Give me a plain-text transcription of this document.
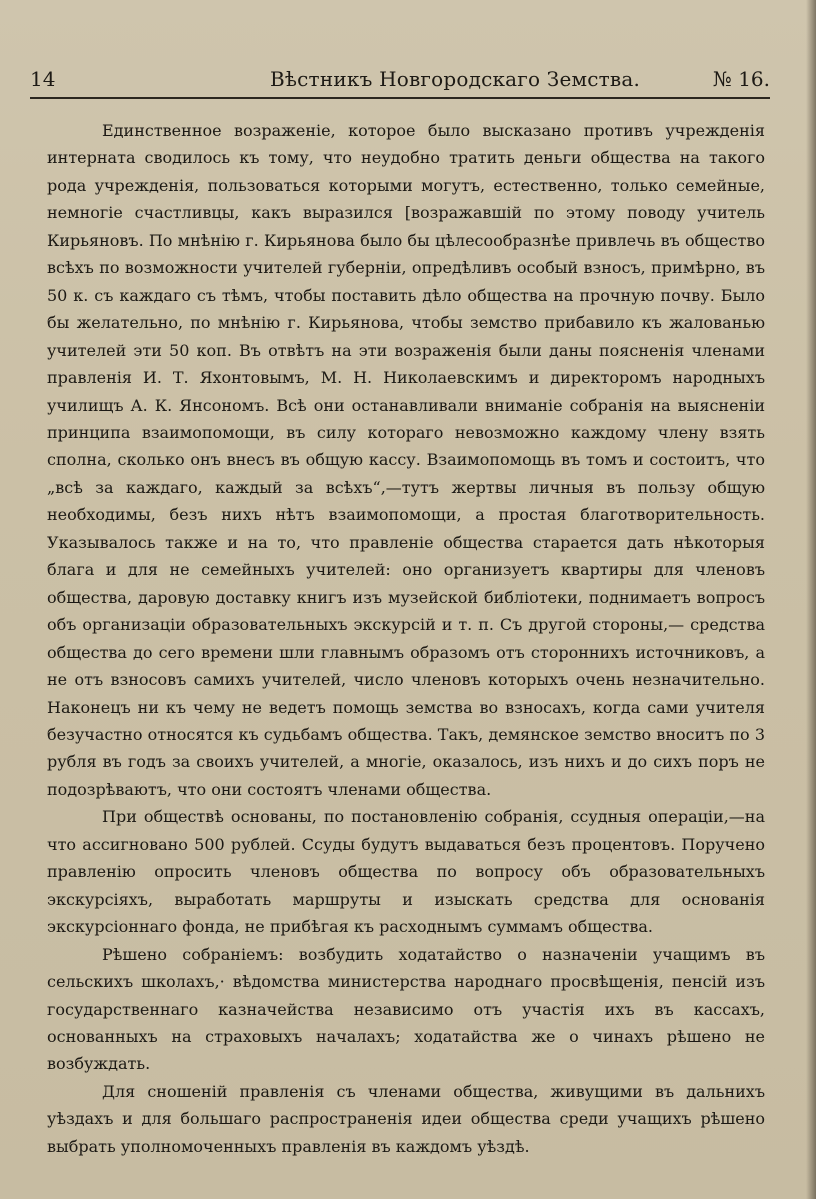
14	Вѣстникъ Новгородскаго Земства.	№ 16.

Единственное возраженіе, которое было высказано противъ учрежденія интерната сводилось къ тому, что неудобно тратить деньги общества на такого рода учрежденія, пользоваться которыми могутъ, естественно, только семейные, немногіе счастливцы, какъ выразился [возражавшій по этому поводу учитель Кирьяновъ. По мнѣнію г. Кирьянова было бы цѣлесообразнѣе привлечь въ общество всѣхъ по возможности учителей губерніи, опредѣливъ особый взносъ, примѣрно, въ 50 к. съ каждаго съ тѣмъ, чтобы поставить дѣло общества на прочную почву. Было бы желательно, по мнѣнію г. Кирьянова, чтобы земство прибавило къ жалованью учителей эти 50 коп. Въ отвѣтъ на эти возраженія были даны поясненія членами правленія И. Т. Яхонтовымъ, М. Н. Николаевскимъ и директоромъ народныхъ училищъ А. К. Янсономъ. Всѣ они останавливали вниманіе собранія на выясненіи принципа взаимопомощи, въ силу котораго невозможно каждому члену взять сполна, сколько онъ внесъ въ общую кассу. Взаимопомощь въ томъ и состоитъ, что „всѣ за каждаго, каждый за всѣхъ“,—тутъ жертвы личныя въ пользу общую необходимы, безъ нихъ нѣтъ взаимопомощи, а простая благотворительность. Указывалось также и на то, что правленіе общества старается дать нѣкоторыя блага и для не семейныхъ учителей: оно организуетъ квартиры для членовъ общества, даровую доставку книгъ изъ музейской библіотеки, поднимаетъ вопросъ объ организаціи образовательныхъ экскурсій и т. п. Съ другой стороны,— средства общества до сего времени шли главнымъ образомъ отъ стороннихъ источниковъ, а не отъ взносовъ самихъ учителей, число членовъ которыхъ очень незначительно. Наконецъ ни къ чему не ведетъ помощь земства во взносахъ, когда сами учителя безучастно относятся къ судьбамъ общества. Такъ, демянское земство вноситъ по 3 рубля въ годъ за своихъ учителей, а многіе, оказалось, изъ нихъ и до сихъ поръ не подозрѣваютъ, что они состоятъ членами общества.

При обществѣ основаны, по постановленію собранія, ссудныя операціи,—на что ассигновано 500 рублей. Ссуды будутъ выдаваться безъ процентовъ. Поручено правленію опросить членовъ общества по вопросу объ образовательныхъ экскурсіяхъ, выработать маршруты и изыскать средства для основанія экскурсіоннаго фонда, не прибѣгая къ расходнымъ суммамъ общества.

Рѣшено собраніемъ: возбудить ходатайство о назначеніи учащимъ въ сельскихъ школахъ,· вѣдомства министерства народнаго просвѣщенія, пенсій изъ государственнаго казначейства независимо отъ участія ихъ въ кассахъ, основанныхъ на страховыхъ началахъ; ходатайства же о чинахъ рѣшено не возбуждать.

Для сношеній правленія съ членами общества, живущими въ дальнихъ уѣздахъ и для большаго распространенія идеи общества среди учащихъ рѣшено выбрать уполномоченныхъ правленія въ каждомъ уѣздѣ.
